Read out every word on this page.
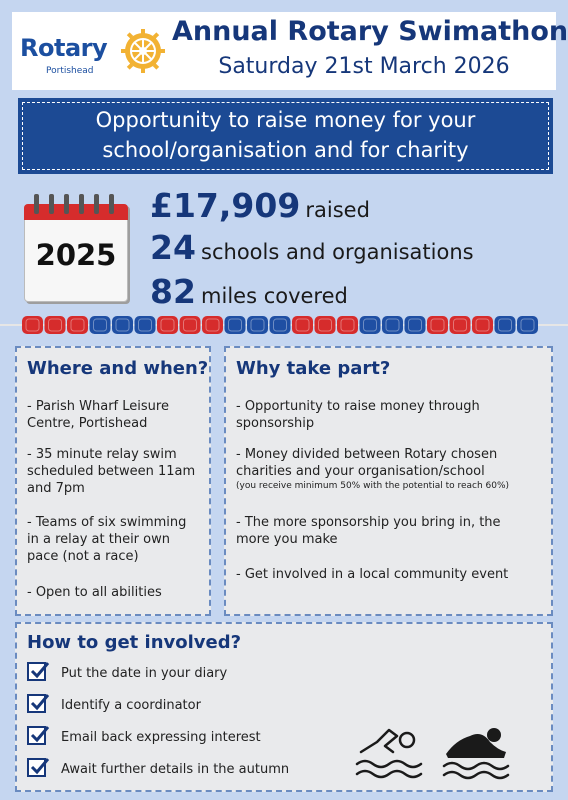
Rotary
Portishead
Annual Rotary Swimathon
Saturday 21st March 2026
Opportunity to raise money for your
school/organisation and for charity
2025
£17,909 raised
24 schools and organisations
82 miles covered
Where and when?
- Parish Wharf Leisure Centre, Portishead
- 35 minute relay swim scheduled between 11am and 7pm
- Teams of six swimming in a relay at their own pace (not a race)
- Open to all abilities
Why take part?
- Opportunity to raise money through sponsorship
- Money divided between Rotary chosen charities and your organisation/school
(you receive minimum 50% with the potential to reach 60%)
- The more sponsorship you bring in, the more you make
- Get involved in a local community event
How to get involved?
Put the date in your diary
Identify a coordinator
Email back expressing interest
Await further details in the autumn
